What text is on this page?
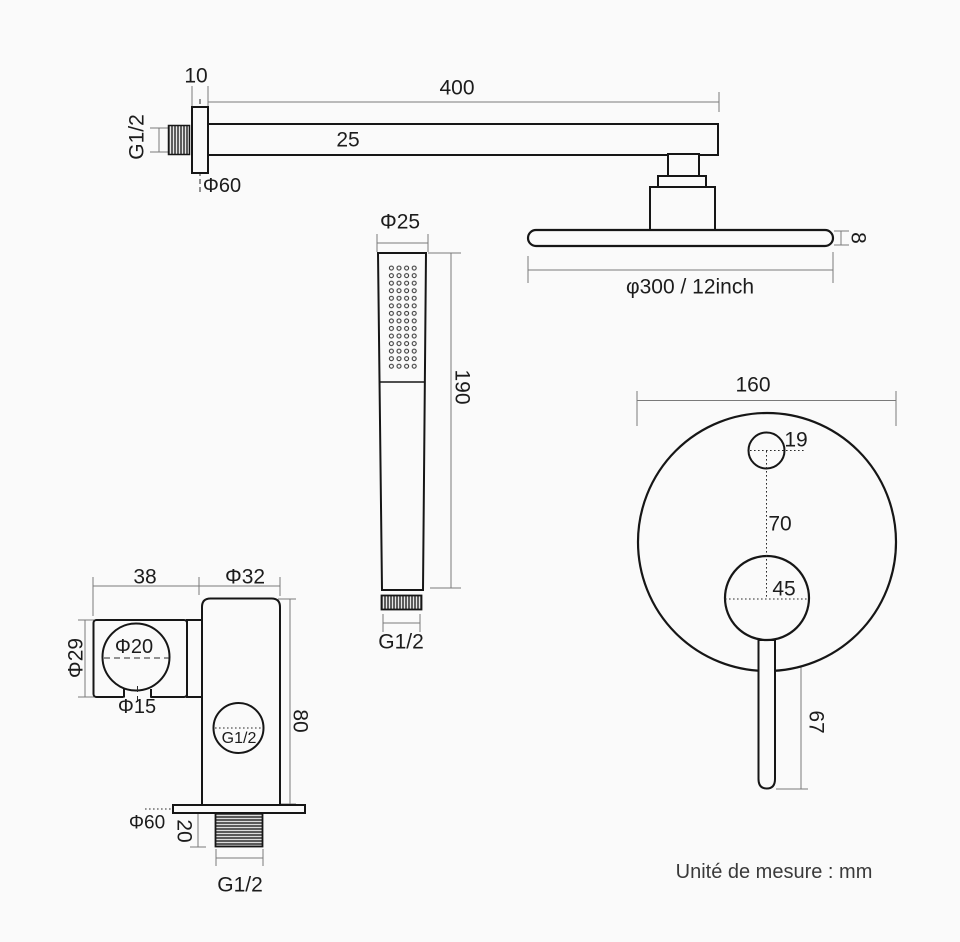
10
400
25
G1/2
Φ60
φ300 / 12inch
8
Φ25
190
G1/2
38	Φ32
Φ29 Φ20
Φ15
80
G1/2
Φ60 20
G1/2
160
19
70
45
67
Unité de mesure : mm
